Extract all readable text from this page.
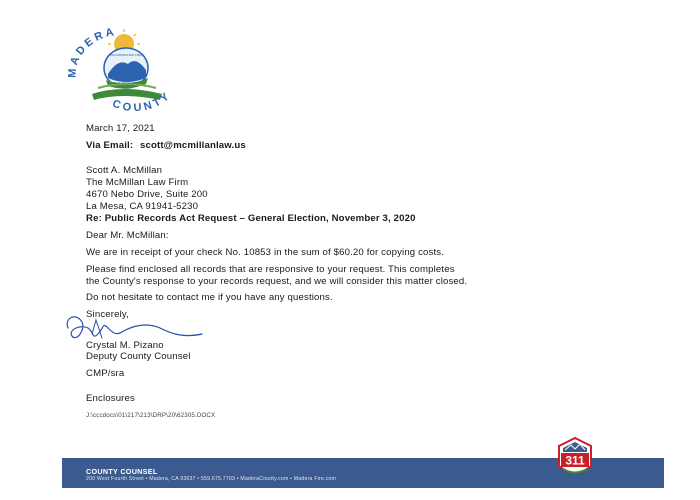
MADERA
COUNTY
INCORPORATED 1893
SEAT OF MADERA
March 17, 2021
Via Email: scott@mcmillanlaw.us
Scott A. McMillan
The McMillan Law Firm
4670 Nebo Drive, Suite 200
La Mesa, CA 91941-5230
Re: Public Records Act Request – General Election, November 3, 2020
Dear Mr. McMillan:
We are in receipt of your check No. 10853 in the sum of $60.20 for copying costs.
Please find enclosed all records that are responsive to your request. This completes
the County's response to your records request, and we will consider this matter closed.
Do not hesitate to contact me if you have any questions.
Sincerely,
Crystal M. Pizano
Deputy County Counsel
CMP/sra
Enclosures
J:\cccdocs\01\217\213\DRP\20\62305.DOCX
COUNTY COUNSEL
200 West Fourth Street • Madera, CA 93637 • 559.675.7703 • MaderaCounty.com • Madera Fire.com
311
